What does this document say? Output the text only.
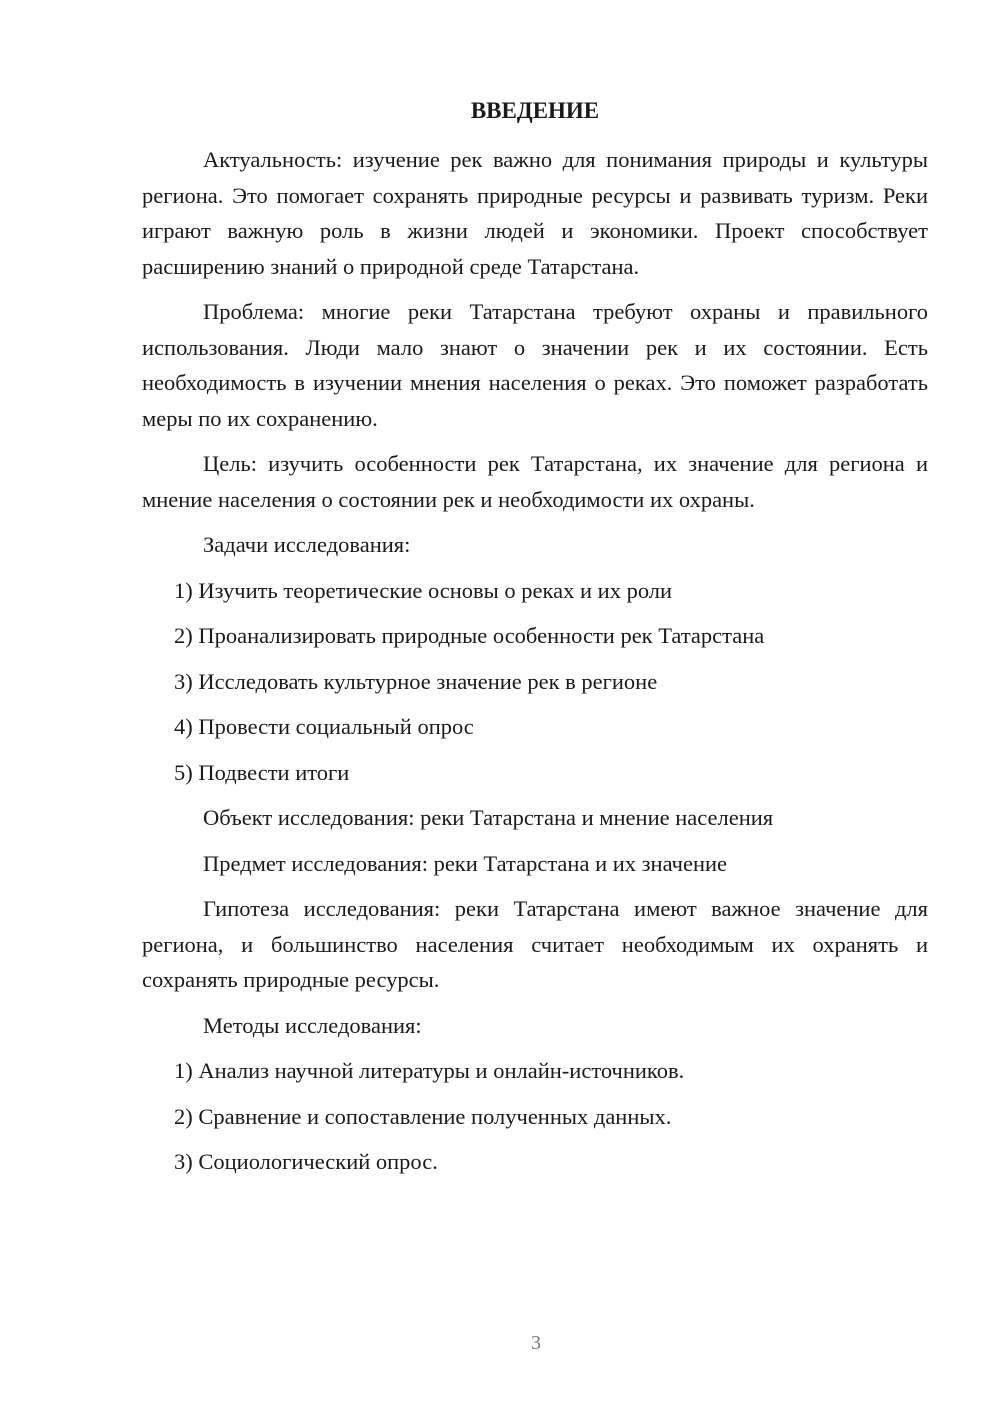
ВВЕДЕНИЕ

Актуальность: изучение рек важно для понимания природы и культуры региона. Это помогает сохранять природные ресурсы и развивать туризм. Реки играют важную роль в жизни людей и экономики. Проект способствует расширению знаний о природной среде Татарстана.

Проблема: многие реки Татарстана требуют охраны и правильного использования. Люди мало знают о значении рек и их состоянии. Есть необходимость в изучении мнения населения о реках. Это поможет разработать меры по их сохранению.

Цель: изучить особенности рек Татарстана, их значение для региона и мнение населения о состоянии рек и необходимости их охраны.

Задачи исследования:

1) Изучить теоретические основы о реках и их роли

2) Проанализировать природные особенности рек Татарстана

3) Исследовать культурное значение рек в регионе

4) Провести социальный опрос

5) Подвести итоги

Объект исследования: реки Татарстана и мнение населения

Предмет исследования: реки Татарстана и их значение

Гипотеза исследования: реки Татарстана имеют важное значение для региона, и большинство населения считает необходимым их охранять и сохранять природные ресурсы.

Методы исследования:

1) Анализ научной литературы и онлайн-источников.

2) Сравнение и сопоставление полученных данных.

3) Социологический опрос.

3
